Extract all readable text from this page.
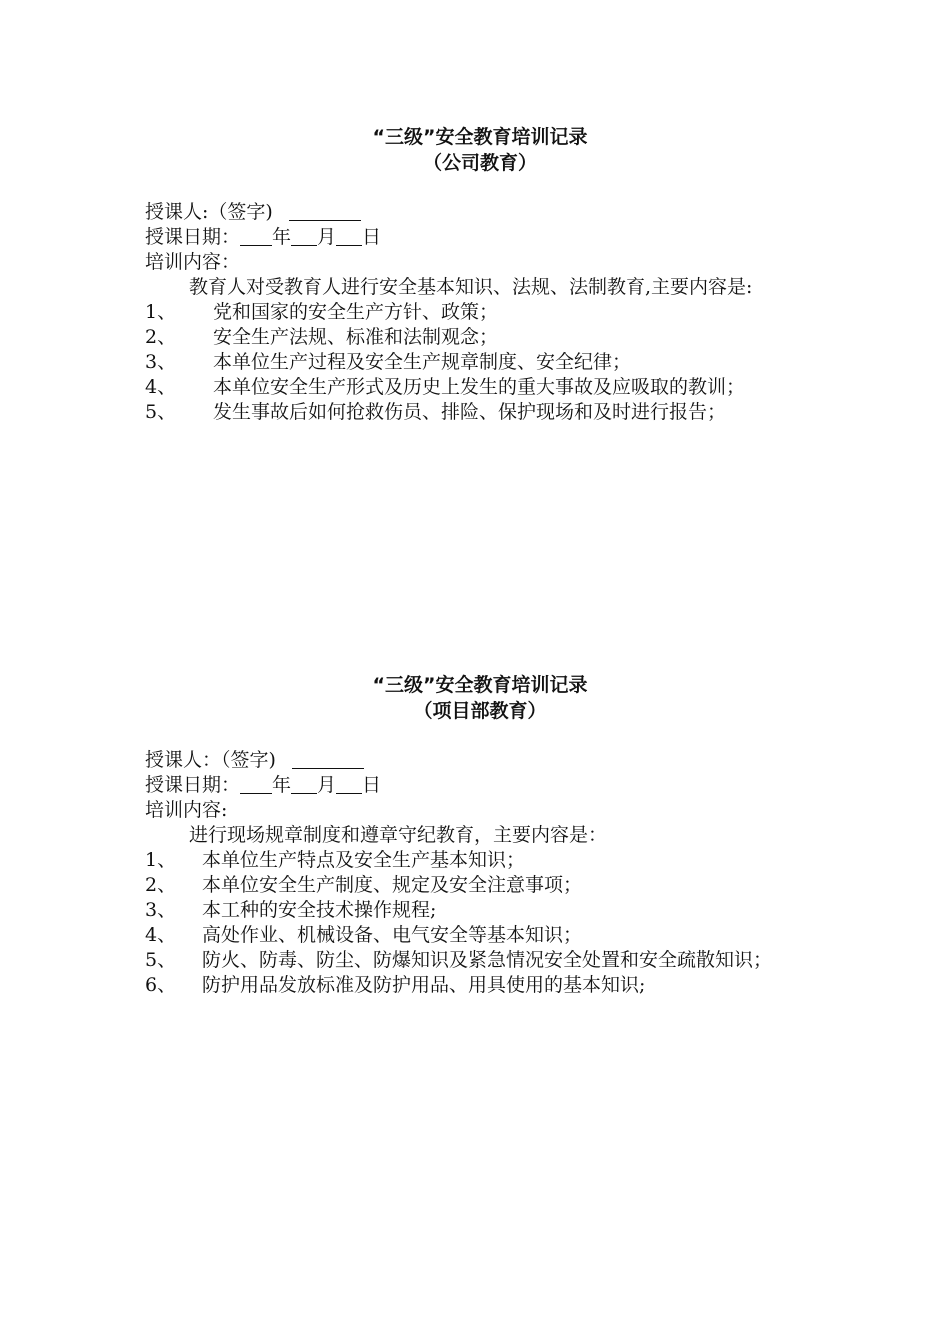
“三级”安全教育培训记录
（公司教育）
授课人:（签字)
授课日期： 年 月 日
培训内容：
教育人对受教育人进行安全基本知识、法规、法制教育,主要内容是:
1、 党和国家的安全生产方针、政策；
2、 安全生产法规、标准和法制观念；
3、 本单位生产过程及安全生产规章制度、安全纪律；
4、	本单位安全生产形式及历史上发生的重大事故及应吸取的教训；
5、 发生事故后如何抢救伤员、排险、保护现场和及时进行报告；
“三级”安全教育培训记录
（项目部教育）
授课人：（签字)
授课日期： 年 月 日
培训内容:
进行现场规章制度和遵章守纪教育，主要内容是：
1、 本单位生产特点及安全生产基本知识；
2、 本单位安全生产制度、规定及安全注意事项；
3、 本工种的安全技术操作规程;
4、 高处作业、机械设备、电气安全等基本知识；
5、 防火、防毒、防尘、防爆知识及紧急情况安全处置和安全疏散知识；
6、 防护用品发放标准及防护用品、用具使用的基本知识;
